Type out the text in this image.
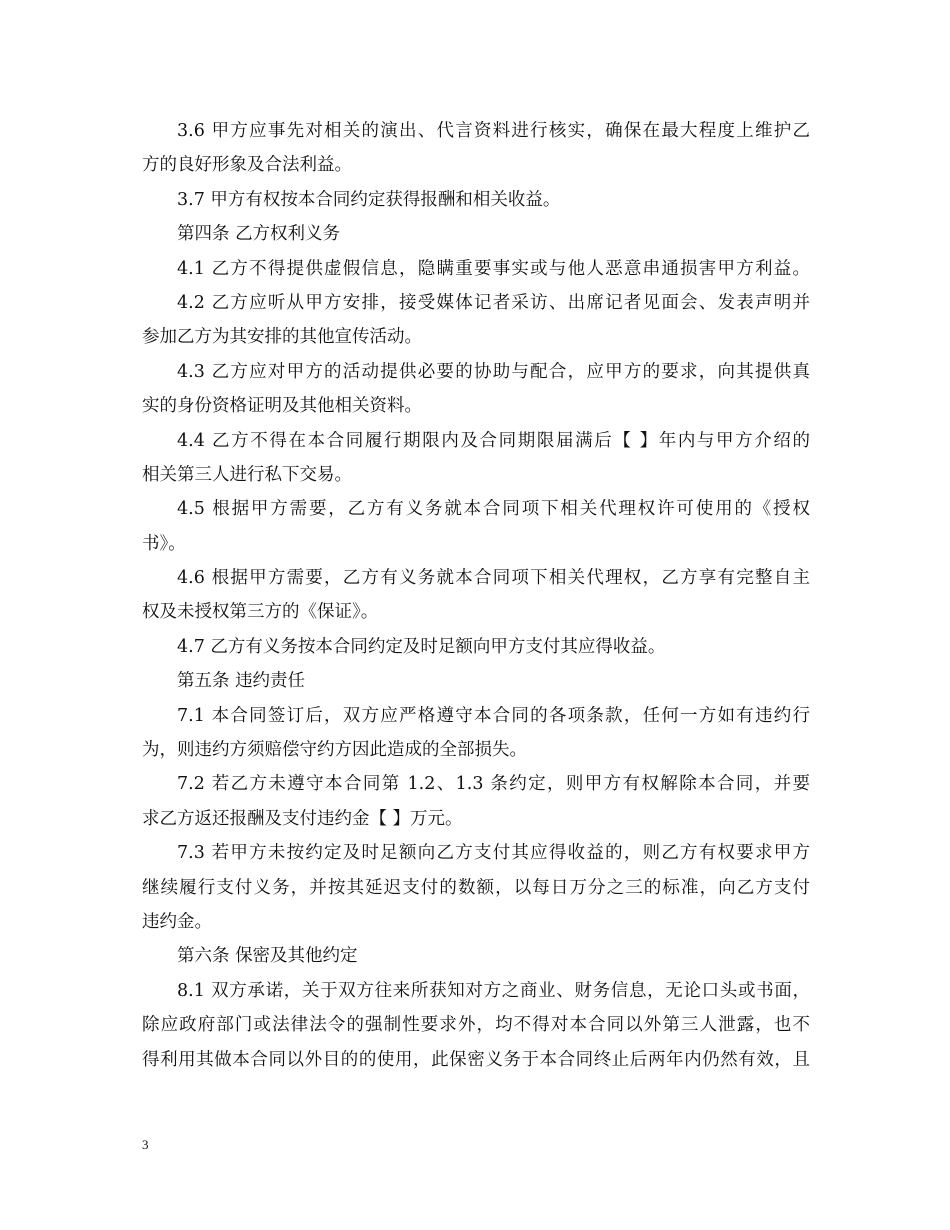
3.6 甲方应事先对相关的演出、代言资料进行核实，确保在最大程度上维护乙
方的良好形象及合法利益。
3.7 甲方有权按本合同约定获得报酬和相关收益。
第四条 乙方权利义务
4.1 乙方不得提供虚假信息，隐瞒重要事实或与他人恶意串通损害甲方利益。
4.2 乙方应听从甲方安排，接受媒体记者采访、出席记者见面会、发表声明并
参加乙方为其安排的其他宣传活动。
4.3 乙方应对甲方的活动提供必要的协助与配合，应甲方的要求，向其提供真
实的身份资格证明及其他相关资料。
4.4 乙方不得在本合同履行期限内及合同期限届满后【 】年内与甲方介绍的
相关第三人进行私下交易。
4.5 根据甲方需要，乙方有义务就本合同项下相关代理权许可使用的《授权
书》。
4.6 根据甲方需要，乙方有义务就本合同项下相关代理权，乙方享有完整自主
权及未授权第三方的《保证》。
4.7 乙方有义务按本合同约定及时足额向甲方支付其应得收益。
第五条 违约责任
7.1 本合同签订后，双方应严格遵守本合同的各项条款，任何一方如有违约行
为，则违约方须赔偿守约方因此造成的全部损失。
7.2 若乙方未遵守本合同第 1.2、1.3 条约定，则甲方有权解除本合同，并要
求乙方返还报酬及支付违约金【 】万元。
7.3 若甲方未按约定及时足额向乙方支付其应得收益的，则乙方有权要求甲方
继续履行支付义务，并按其延迟支付的数额，以每日万分之三的标准，向乙方支付
违约金。
第六条 保密及其他约定
8.1 双方承诺，关于双方往来所获知对方之商业、财务信息，无论口头或书面，
除应政府部门或法律法令的强制性要求外，均不得对本合同以外第三人泄露，也不
得利用其做本合同以外目的的使用，此保密义务于本合同终止后两年内仍然有效，且
3
